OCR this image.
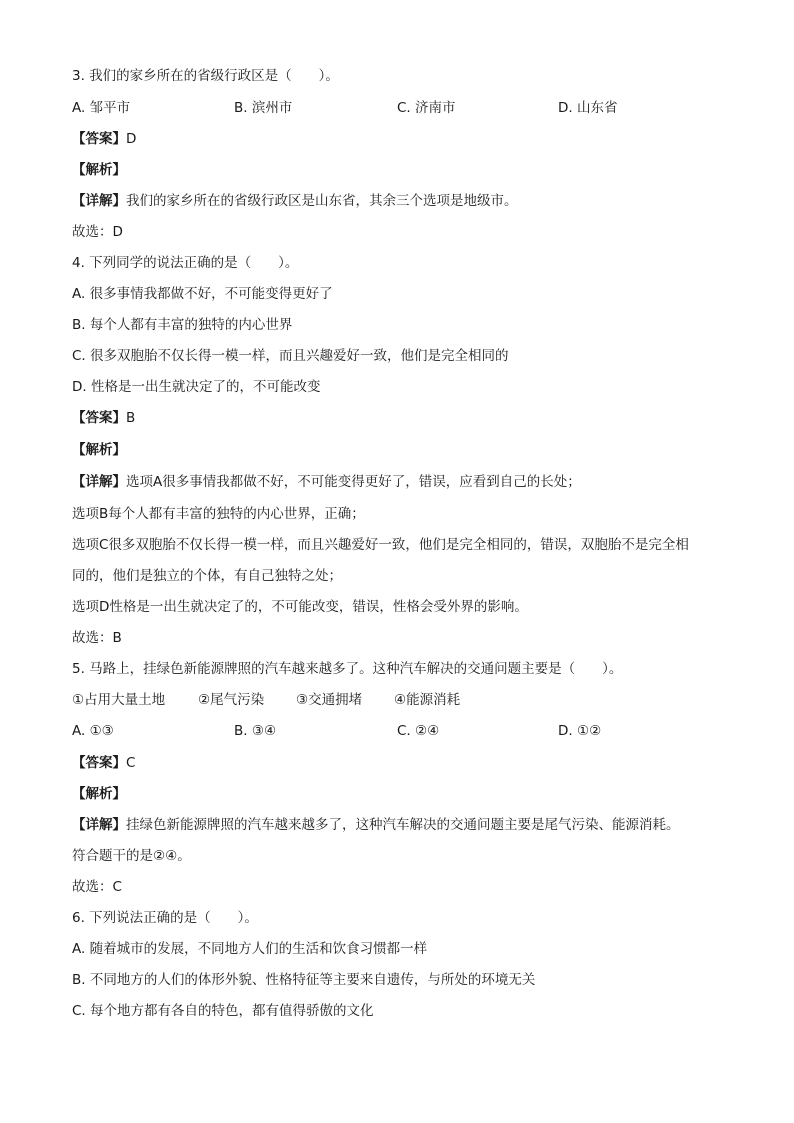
3. 我们的家乡所在的省级行政区是（　　）。
A. 邹平市	B. 滨州市	C. 济南市	D. 山东省
【答案】D
【解析】
【详解】我们的家乡所在的省级行政区是山东省，其余三个选项是地级市。
故选：D
4. 下列同学的说法正确的是（　　）。
A. 很多事情我都做不好，不可能变得更好了
B. 每个人都有丰富的独特的内心世界
C. 很多双胞胎不仅长得一模一样，而且兴趣爱好一致，他们是完全相同的
D. 性格是一出生就决定了的，不可能改变
【答案】B
【解析】
【详解】选项A很多事情我都做不好，不可能变得更好了，错误，应看到自己的长处；
选项B每个人都有丰富的独特的内心世界，正确；
选项C很多双胞胎不仅长得一模一样，而且兴趣爱好一致，他们是完全相同的，错误，双胞胎不是完全相
同的，他们是独立的个体，有自己独特之处；
选项D性格是一出生就决定了的，不可能改变，错误，性格会受外界的影响。
故选：B
5. 马路上，挂绿色新能源牌照的汽车越来越多了。这种汽车解决的交通问题主要是（　　）。
①占用大量土地 ②尾气污染 ③交通拥堵 ④能源消耗
A. ①③	B. ③④	C. ②④	D. ①②
【答案】C
【解析】
【详解】挂绿色新能源牌照的汽车越来越多了，这种汽车解决的交通问题主要是尾气污染、能源消耗。
符合题干的是②④。
故选：C
6. 下列说法正确的是（　　）。
A. 随着城市的发展，不同地方人们的生活和饮食习惯都一样
B. 不同地方的人们的体形外貌、性格特征等主要来自遗传，与所处的环境无关
C. 每个地方都有各自的特色，都有值得骄傲的文化
